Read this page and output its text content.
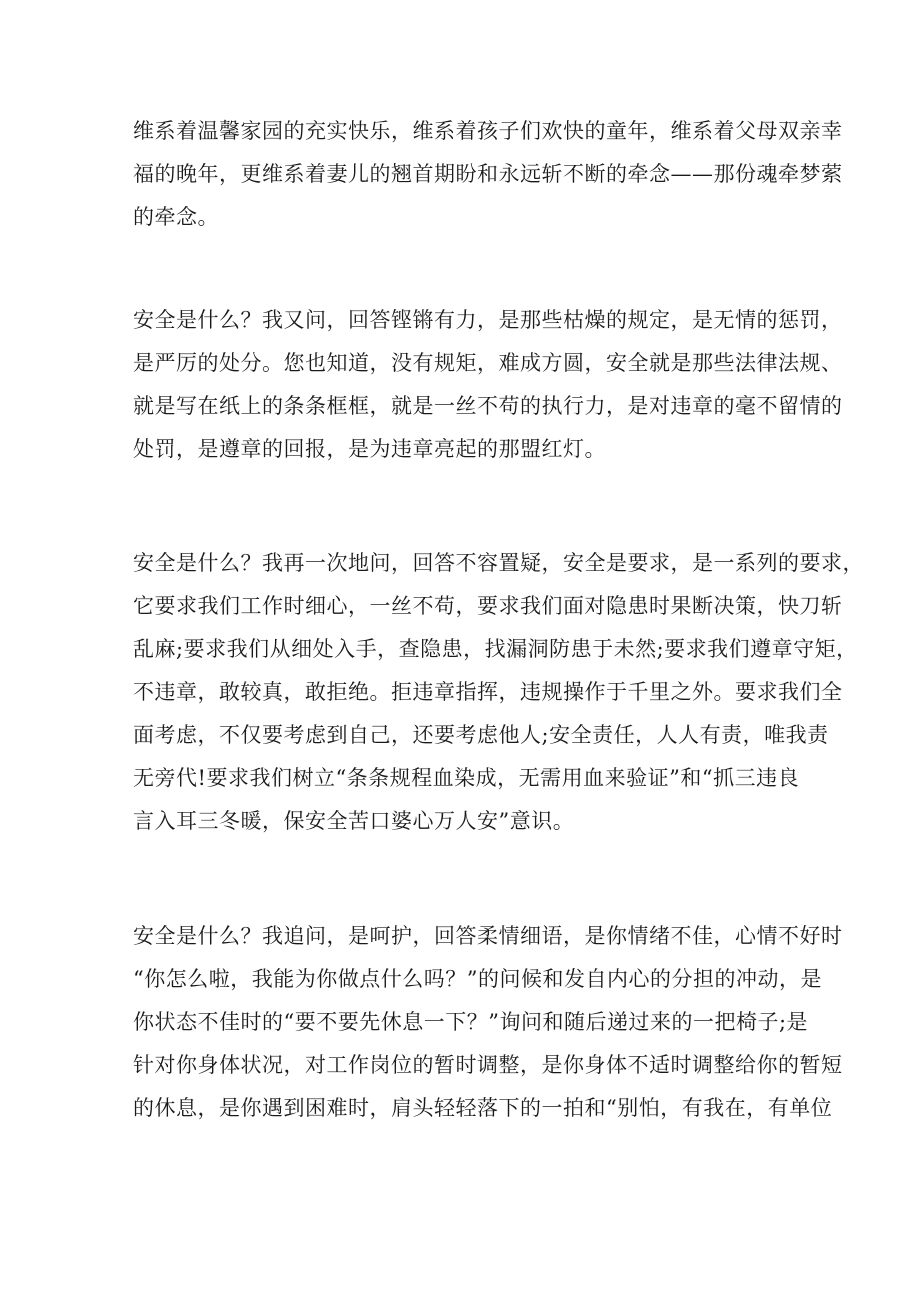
维系着温馨家园的充实快乐，维系着孩子们欢快的童年，维系着父母双亲幸
福的晚年，更维系着妻儿的翘首期盼和永远斩不断的牵念——那份魂牵梦萦
的牵念。
安全是什么？我又问，回答铿锵有力，是那些枯燥的规定，是无情的惩罚，
是严厉的处分。您也知道，没有规矩，难成方圆，安全就是那些法律法规、
就是写在纸上的条条框框，就是一丝不苟的执行力，是对违章的毫不留情的
处罚，是遵章的回报，是为违章亮起的那盟红灯。
安全是什么？我再一次地问，回答不容置疑，安全是要求，是一系列的要求，
它要求我们工作时细心，一丝不苟，要求我们面对隐患时果断决策，快刀斩
乱麻;要求我们从细处入手，查隐患，找漏洞防患于未然;要求我们遵章守矩，
不违章，敢较真，敢拒绝。拒违章指挥，违规操作于千里之外。要求我们全
面考虑，不仅要考虑到自己，还要考虑他人;安全责任，人人有责，唯我责
无旁代!要求我们树立“条条规程血染成，无需用血来验证”和“抓三违良
言入耳三冬暖，保安全苦口婆心万人安”意识。
安全是什么？我追问，是呵护，回答柔情细语，是你情绪不佳，心情不好时
“你怎么啦，我能为你做点什么吗？”的问候和发自内心的分担的冲动，是
你状态不佳时的“要不要先休息一下？”询问和随后递过来的一把椅子;是
针对你身体状况，对工作岗位的暂时调整，是你身体不适时调整给你的暂短
的休息，是你遇到困难时，肩头轻轻落下的一拍和“别怕，有我在，有单位
